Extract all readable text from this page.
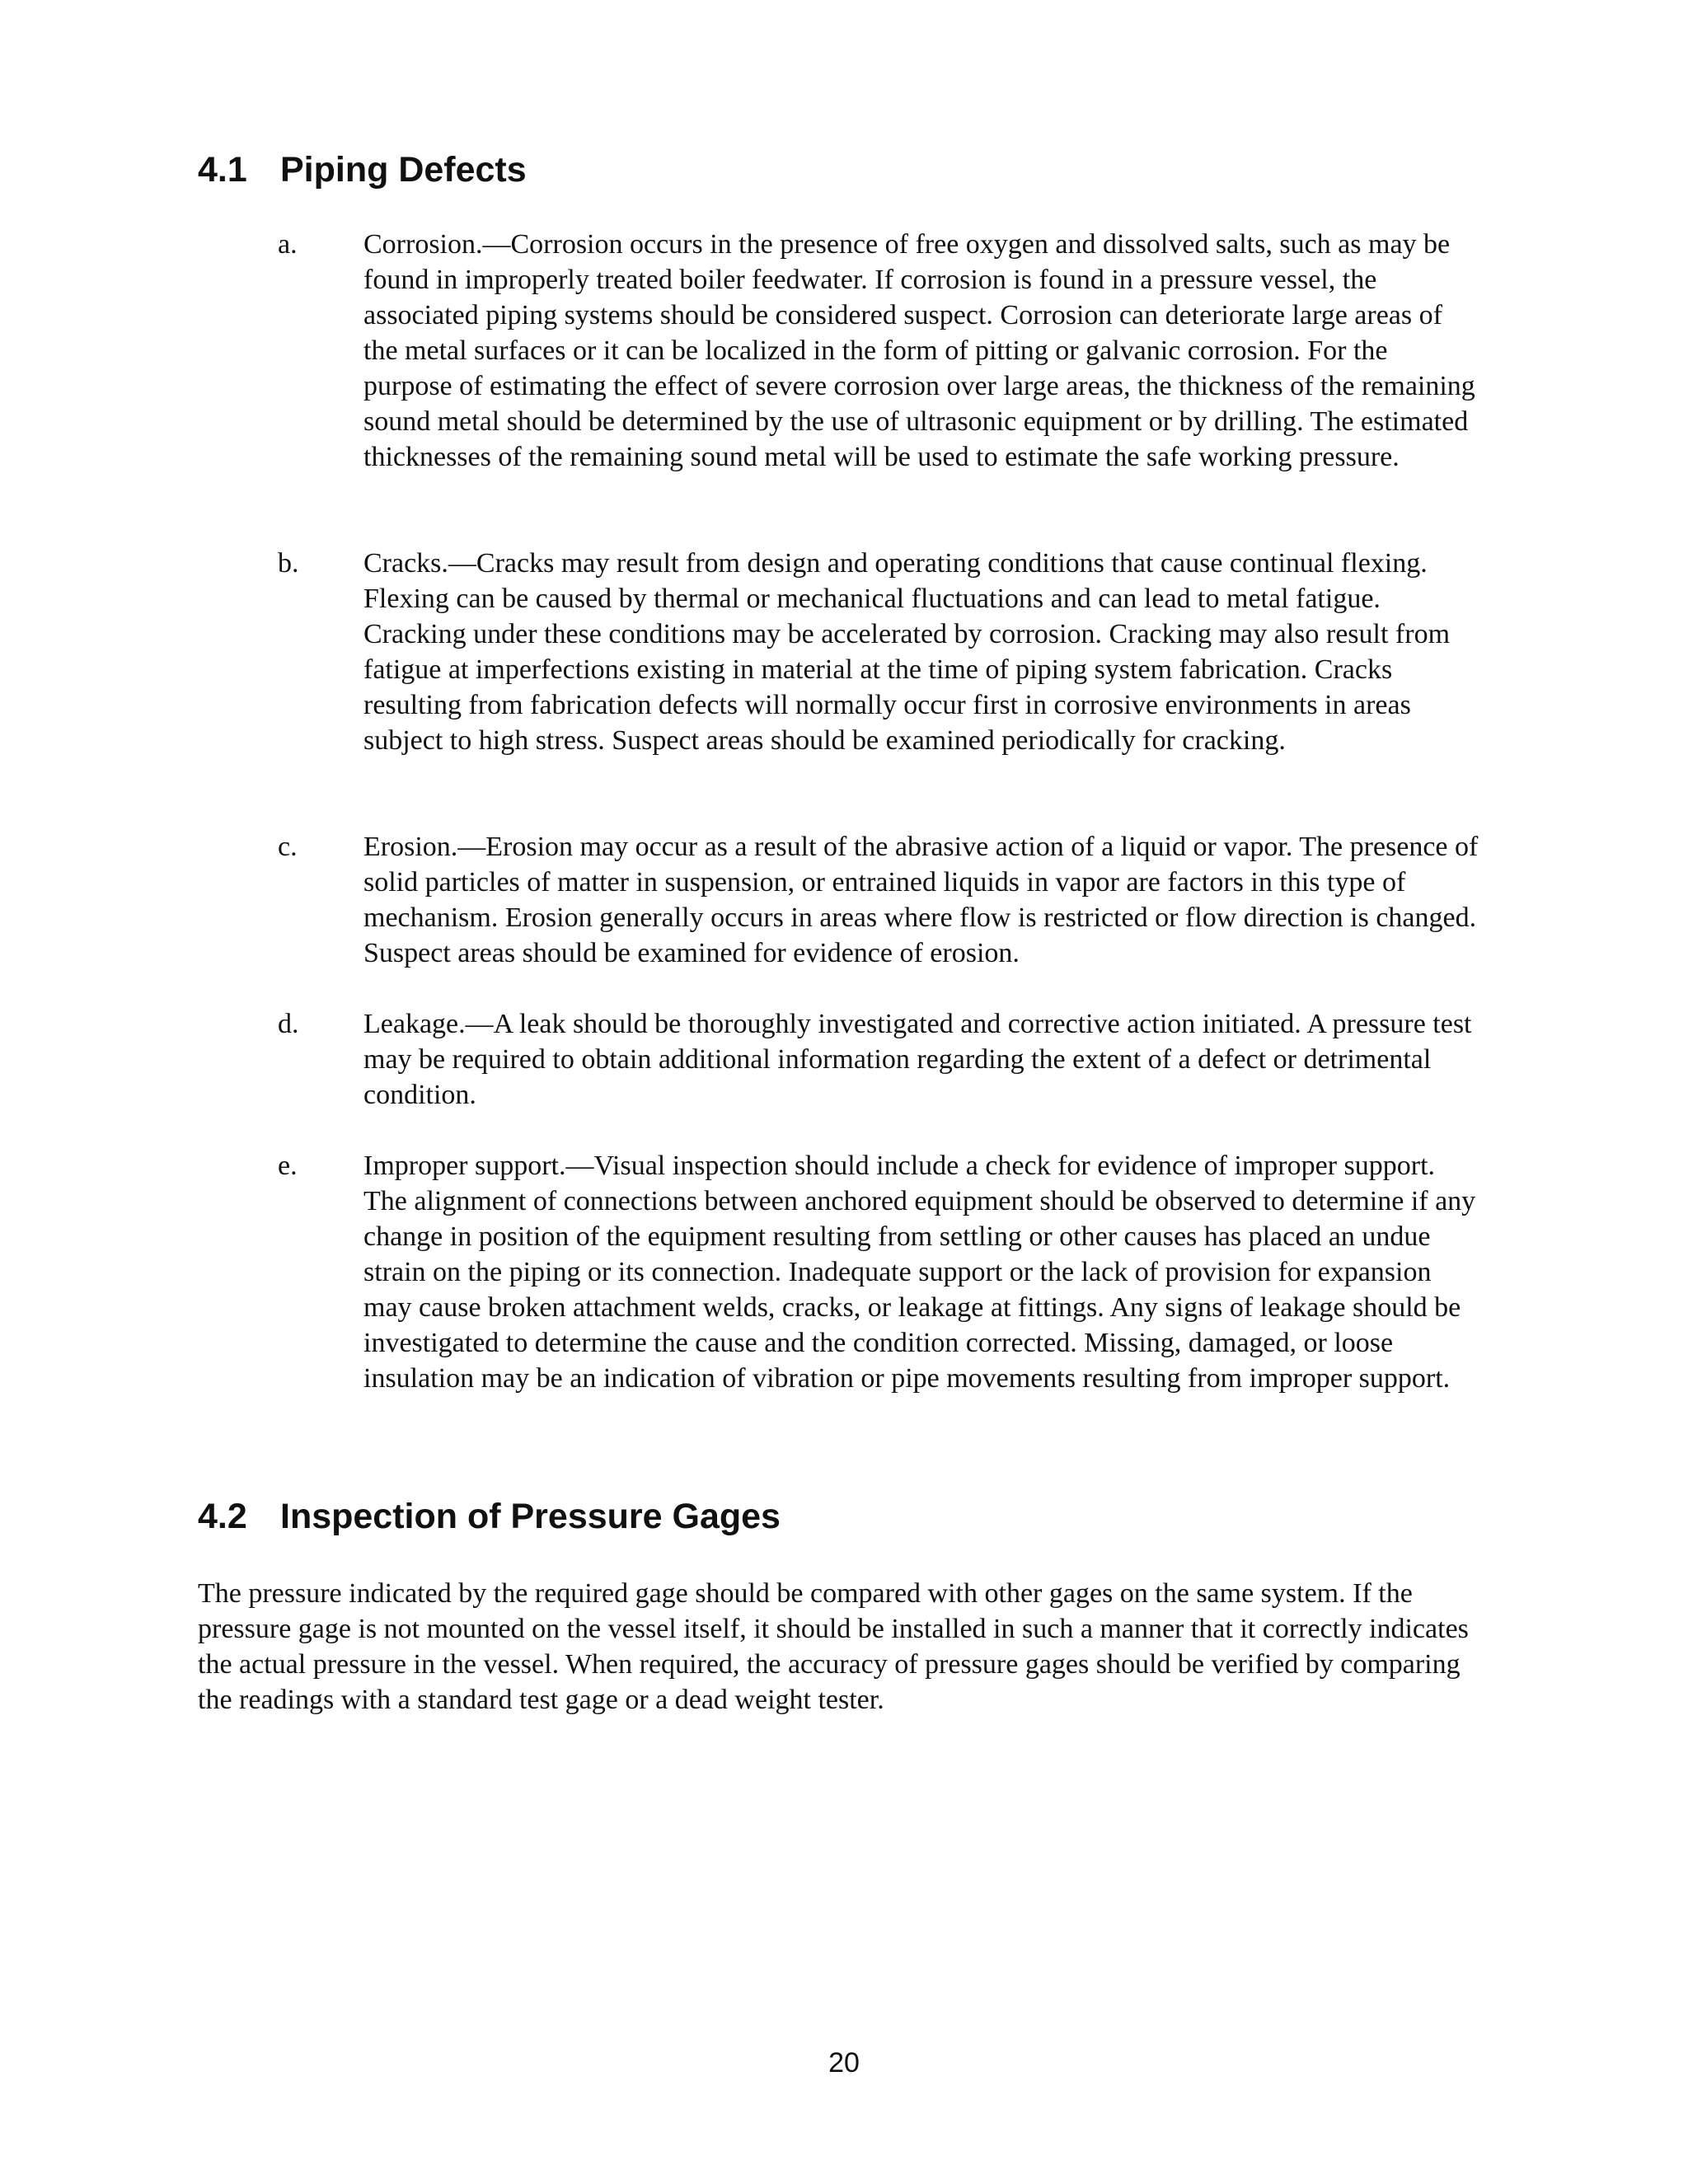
4.1 Piping Defects
a. Corrosion.—Corrosion occurs in the presence of free oxygen and dissolved salts, such as may be found in improperly treated boiler feedwater. If corrosion is found in a pressure vessel, the associated piping systems should be considered suspect. Corrosion can deteriorate large areas of the metal surfaces or it can be localized in the form of pitting or galvanic corrosion. For the purpose of estimating the effect of severe corrosion over large areas, the thickness of the remaining sound metal should be determined by the use of ultrasonic equipment or by drilling. The estimated thicknesses of the remaining sound metal will be used to estimate the safe working pressure.
b. Cracks.—Cracks may result from design and operating conditions that cause continual flexing. Flexing can be caused by thermal or mechanical fluctuations and can lead to metal fatigue. Cracking under these conditions may be accelerated by corrosion. Cracking may also result from fatigue at imperfections existing in material at the time of piping system fabrication. Cracks resulting from fabrication defects will normally occur first in corrosive environments in areas subject to high stress. Suspect areas should be examined periodically for cracking.
c. Erosion.—Erosion may occur as a result of the abrasive action of a liquid or vapor. The presence of solid particles of matter in suspension, or entrained liquids in vapor are factors in this type of mechanism. Erosion generally occurs in areas where flow is restricted or flow direction is changed. Suspect areas should be examined for evidence of erosion.
d. Leakage.—A leak should be thoroughly investigated and corrective action initiated. A pressure test may be required to obtain additional information regarding the extent of a defect or detrimental condition.
e. Improper support.—Visual inspection should include a check for evidence of improper support. The alignment of connections between anchored equipment should be observed to determine if any change in position of the equipment resulting from settling or other causes has placed an undue strain on the piping or its connection. Inadequate support or the lack of provision for expansion may cause broken attachment welds, cracks, or leakage at fittings. Any signs of leakage should be investigated to determine the cause and the condition corrected. Missing, damaged, or loose insulation may be an indication of vibration or pipe movements resulting from improper support.
4.2 Inspection of Pressure Gages
The pressure indicated by the required gage should be compared with other gages on the same system. If the pressure gage is not mounted on the vessel itself, it should be installed in such a manner that it correctly indicates the actual pressure in the vessel. When required, the accuracy of pressure gages should be verified by comparing the readings with a standard test gage or a dead weight tester.
20
